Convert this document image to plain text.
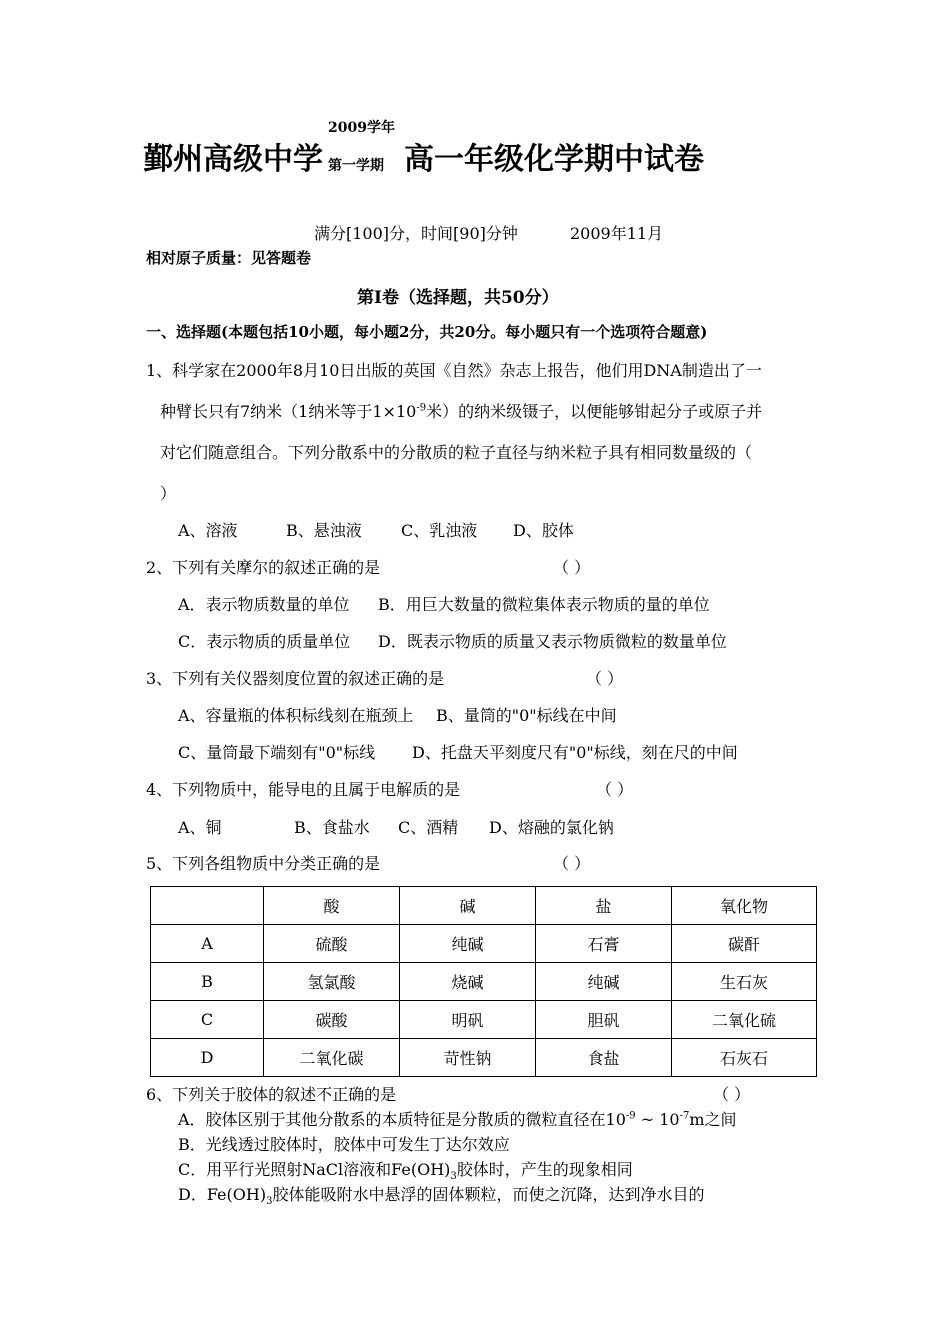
鄞州高级中学
2009学年
第一学期 高一年级化学期中试卷
满分[100]分，时间[90]分钟	2009年11月
相对原子质量：见答题卷
第Ⅰ卷（选择题，共50分）
一、选择题(本题包括10小题，每小题2分，共20分。每小题只有一个选项符合题意)
1、科学家在2000年8月10日出版的英国《自然》杂志上报告，他们用DNA制造出了一
种臂长只有7纳米（1纳米等于$1\times 10^{-9}$米）的纳米级镊子，以便能够钳起分子或原子并
对它们随意组合。下列分散系中的分散质的粒子直径与纳米粒子具有相同数量级的（
）
A、溶液	B、悬浊液 C、乳浊液 D、胶体
2、下列有关摩尔的叙述正确的是	（ ）
A．表示物质数量的单位 B．用巨大数量的微粒集体表示物质的量的单位
C．表示物质的质量单位 D．既表示物质的质量又表示物质微粒的数量单位
3、下列有关仪器刻度位置的叙述正确的是	（ ）
A、容量瓶的体积标线刻在瓶颈上 B、量筒的"0"标线在中间
C、量筒最下端刻有"0"标线 D、托盘天平刻度尺有"0"标线，刻在尺的中间
4、下列物质中，能导电的且属于电解质的是	（ ）
A、铜	B、食盐水 C、酒精 D、熔融的氯化钠
5、下列各组物质中分类正确的是	（ ）
	酸	碱	盐	氧化物
A	硫酸	纯碱	石膏	碳酐
B	氢氯酸	烧碱	纯碱	生石灰
C	碳酸	明矾	胆矾	二氧化硫
D	二氧化碳	苛性钠	食盐	石灰石
6、下列关于胶体的叙述不正确的是	（ ）
A．胶体区别于其他分散系的本质特征是分散质的微粒直径在$10^{-9}$ ~ $10^{-7}m$之间
B．光线透过胶体时，胶体中可发生丁达尔效应
C．用平行光照射NaCl溶液和$Fe(OH)_3$胶体时，产生的现象相同
D．$Fe(OH)_3$胶体能吸附水中悬浮的固体颗粒，而使之沉降，达到净水目的
